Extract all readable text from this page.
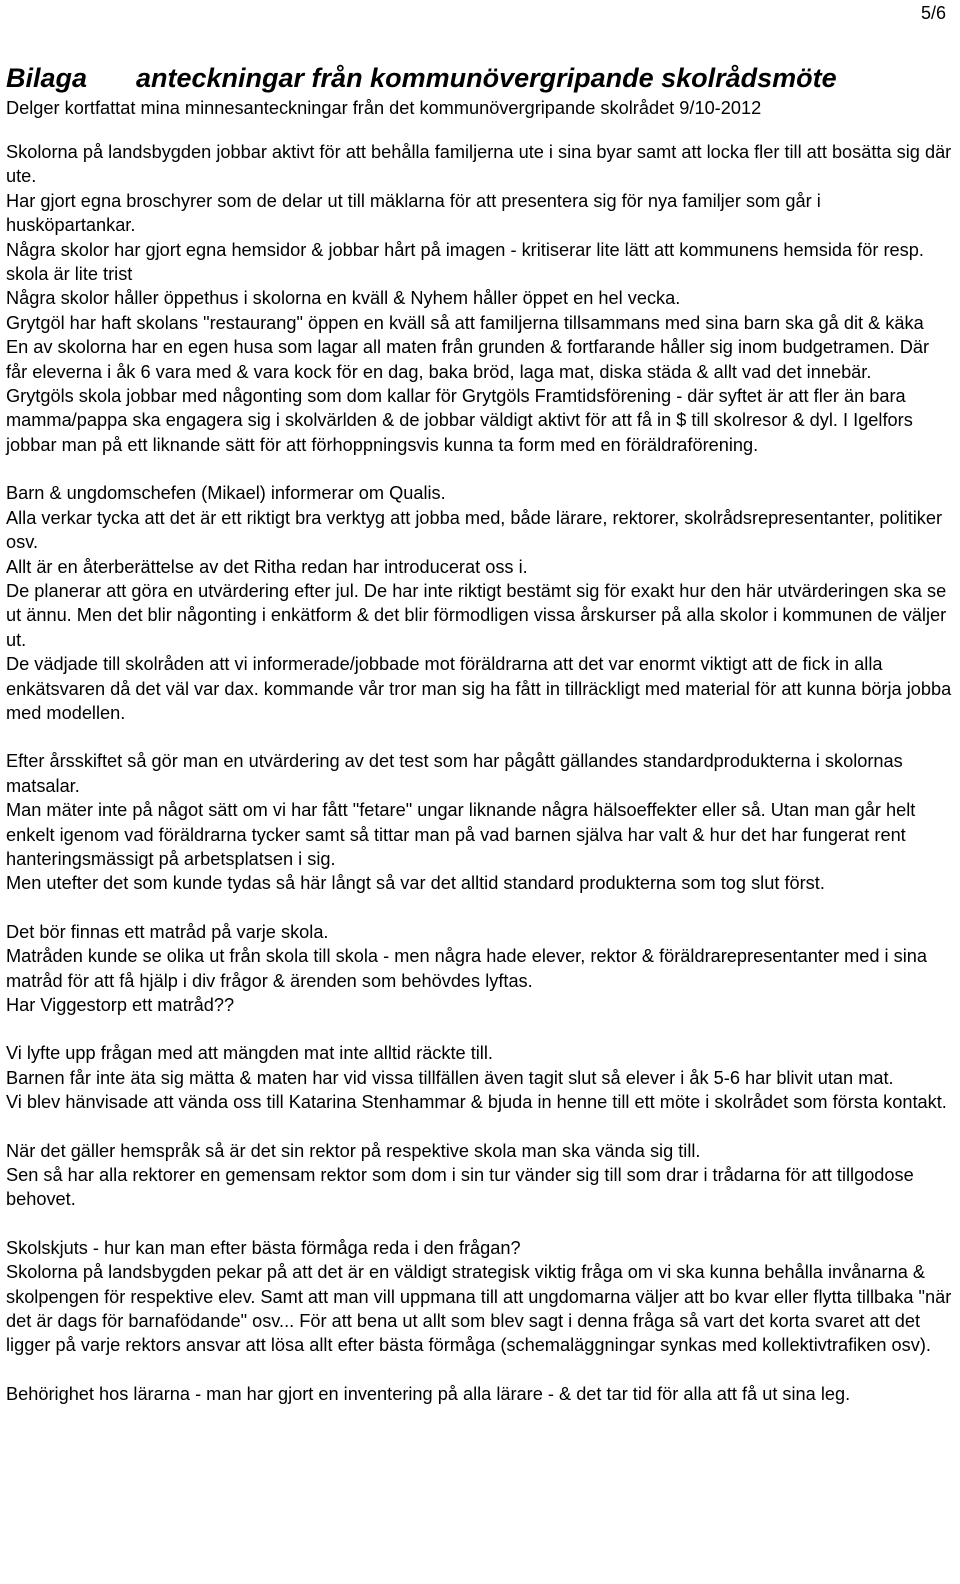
5/6
Bilaga anteckningar från kommunövergripande skolrådsmöte

Delger kortfattat mina minnesanteckningar från det kommunövergripande skolrådet 9/10-2012

Skolorna på landsbygden jobbar aktivt för att behålla familjerna ute i sina byar samt att locka fler till att bosätta sig där ute.

Har gjort egna broschyrer som de delar ut till mäklarna för att presentera sig för nya familjer som går i husköpartankar.

Några skolor har gjort egna hemsidor & jobbar hårt på imagen - kritiserar lite lätt att kommunens hemsida för resp. skola är lite trist

Några skolor håller öppethus i skolorna en kväll & Nyhem håller öppet en hel vecka.

Grytgöl har haft skolans "restaurang" öppen en kväll så att familjerna tillsammans med sina barn ska gå dit & käka

En av skolorna har en egen husa som lagar all maten från grunden & fortfarande håller sig inom budgetramen. Där får eleverna i åk 6 vara med & vara kock för en dag, baka bröd, laga mat, diska städa & allt vad det innebär.

Grytgöls skola jobbar med någonting som dom kallar för Grytgöls Framtidsförening - där syftet är att fler än bara mamma/pappa ska engagera sig i skolvärlden & de jobbar väldigt aktivt för att få in $ till skolresor & dyl. I Igelfors jobbar man på ett liknande sätt för att förhoppningsvis kunna ta form med en föräldraförening.

Barn & ungdomschefen (Mikael) informerar om Qualis.

Alla verkar tycka att det är ett riktigt bra verktyg att jobba med, både lärare, rektorer, skolrådsrepresentanter, politiker osv.

Allt är en återberättelse av det Ritha redan har introducerat oss i.

De planerar att göra en utvärdering efter jul. De har inte riktigt bestämt sig för exakt hur den här utvärderingen ska se ut ännu. Men det blir någonting i enkätform & det blir förmodligen vissa årskurser på alla skolor i kommunen de väljer ut.

De vädjade till skolråden att vi informerade/jobbade mot föräldrarna att det var enormt viktigt att de fick in alla enkätsvaren då det väl var dax. kommande vår tror man sig ha fått in tillräckligt med material för att kunna börja jobba med modellen.

Efter årsskiftet så gör man en utvärdering av det test som har pågått gällandes standardprodukterna i skolornas matsalar.

Man mäter inte på något sätt om vi har fått "fetare" ungar liknande några hälsoeffekter eller så. Utan man går helt enkelt igenom vad föräldrarna tycker samt så tittar man på vad barnen själva har valt & hur det har fungerat rent hanteringsmässigt på arbetsplatsen i sig.

Men utefter det som kunde tydas så här långt så var det alltid standard produkterna som tog slut först.

Det bör finnas ett matråd på varje skola.

Matråden kunde se olika ut från skola till skola - men några hade elever, rektor & föräldrarepresentanter med i sina matråd för att få hjälp i div frågor & ärenden som behövdes lyftas.

Har Viggestorp ett matråd??

Vi lyfte upp frågan med att mängden mat inte alltid räckte till.

Barnen får inte äta sig mätta & maten har vid vissa tillfällen även tagit slut så elever i åk 5-6 har blivit utan mat.

Vi blev hänvisade att vända oss till Katarina Stenhammar & bjuda in henne till ett möte i skolrådet som första kontakt.

När det gäller hemspråk så är det sin rektor på respektive skola man ska vända sig till.

Sen så har alla rektorer en gemensam rektor som dom i sin tur vänder sig till som drar i trådarna för att tillgodose behovet.

Skolskjuts - hur kan man efter bästa förmåga reda i den frågan?

Skolorna på landsbygden pekar på att det är en väldigt strategisk viktig fråga om vi ska kunna behålla invånarna & skolpengen för respektive elev. Samt att man vill uppmana till att ungdomarna väljer att bo kvar eller flytta tillbaka "när det är dags för barnafödande" osv... För att bena ut allt som blev sagt i denna fråga så vart det korta svaret att det ligger på varje rektors ansvar att lösa allt efter bästa förmåga (schemaläggningar synkas med kollektivtrafiken osv).

Behörighet hos lärarna - man har gjort en inventering på alla lärare - & det tar tid för alla att få ut sina leg.
